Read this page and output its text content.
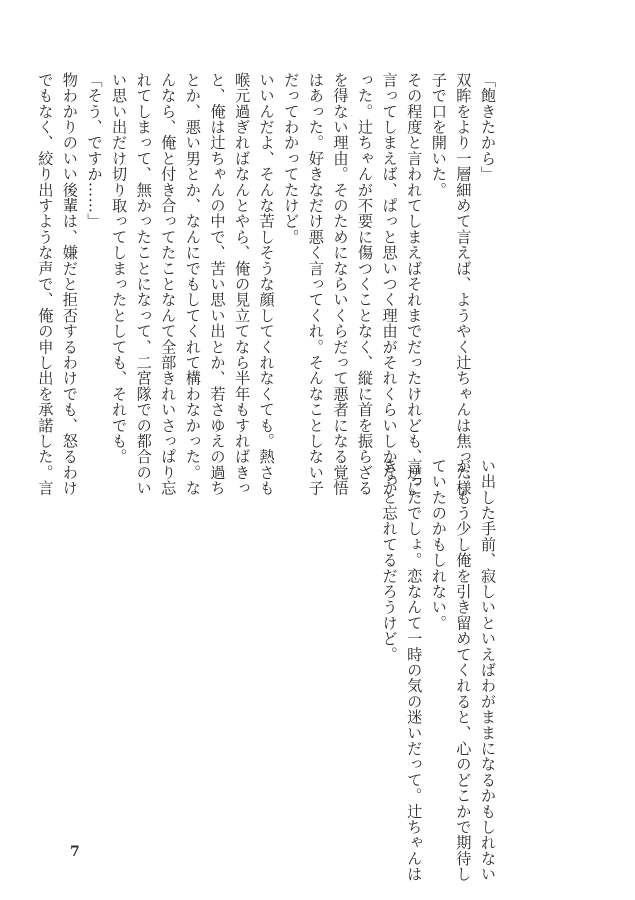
「飽きたから」
双眸をより一層細めて言えば、ようやく辻ちゃんは焦った様
子で口を開いた。
その程度と言われてしまえばそれまでだったけれども、逆に
言ってしまえば、ぱっと思いつく理由がそれくらいしかなか
った。辻ちゃんが不要に傷つくことなく、縦に首を振らざる
を得ない理由。そのためにならいくらだって悪者になる覚悟
はあった。好きなだけ悪く言ってくれ。そんなことしない子
だってわかってたけど。
いいんだよ、そんな苦しそうな顔してくれなくても。熱さも
喉元過ぎればなんとやら、俺の見立てなら半年もすればきっ
と、俺は辻ちゃんの中で、苦い思い出とか、若さゆえの過ち
とか、悪い男とか、なんにでもしてくれて構わなかった。な
んなら、俺と付き合ってたことなんて全部きれいさっぱり忘
れてしまって、無かったことになって、二宮隊での都合のい
い思い出だけ切り取ってしまったとしても、それでも。
「そう、ですか……」
物わかりのいい後輩は、嫌だと拒否するわけでも、怒るわけ
でもなく、絞り出すような声で、俺の申し出を承諾した。言
い出した手前、寂しいといえばわがままになるかもしれない
が、もう少し俺を引き留めてくれると、心のどこかで期待し
ていたのかもしれない。
言ったでしょ。恋なんて一時の気の迷いだって。辻ちゃんは
きっと忘れてるだろうけど。
7
